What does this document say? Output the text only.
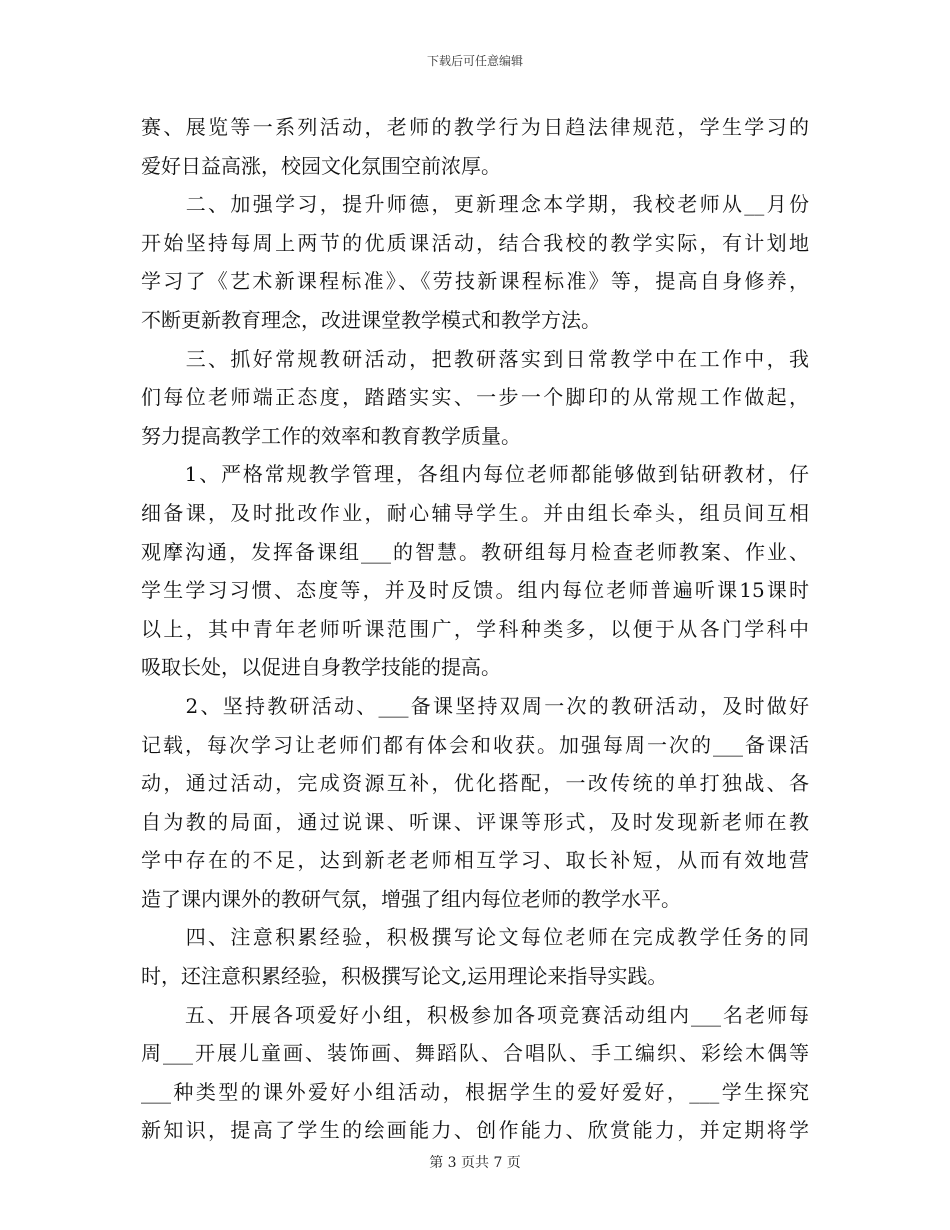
下载后可任意编辑
赛、展览等一系列活动，老师的教学行为日趋法律规范，学生学习的
爱好日益高涨，校园文化氛围空前浓厚。
　　二、加强学习，提升师德，更新理念本学期，我校老师从__月份
开始坚持每周上两节的优质课活动，结合我校的教学实际，有计划地
学习了《艺术新课程标准》、《劳技新课程标准》等，提高自身修养，
不断更新教育理念，改进课堂教学模式和教学方法。
　　三、抓好常规教研活动，把教研落实到日常教学中在工作中，我
们每位老师端正态度，踏踏实实、一步一个脚印的从常规工作做起，
努力提高教学工作的效率和教育教学质量。
　　1、严格常规教学管理，各组内每位老师都能够做到钻研教材，仔
细备课，及时批改作业，耐心辅导学生。并由组长牵头，组员间互相
观摩沟通，发挥备课组___的智慧。教研组每月检查老师教案、作业、
学生学习习惯、态度等，并及时反馈。组内每位老师普遍听课15课时
以上，其中青年老师听课范围广，学科种类多，以便于从各门学科中
吸取长处，以促进自身教学技能的提高。
　　2、坚持教研活动、___备课坚持双周一次的教研活动，及时做好
记载，每次学习让老师们都有体会和收获。加强每周一次的___备课活
动，通过活动，完成资源互补，优化搭配，一改传统的单打独战、各
自为教的局面，通过说课、听课、评课等形式，及时发现新老师在教
学中存在的不足，达到新老老师相互学习、取长补短，从而有效地营
造了课内课外的教研气氛，增强了组内每位老师的教学水平。
　　四、注意积累经验，积极撰写论文每位老师在完成教学任务的同
时，还注意积累经验，积极撰写论文,运用理论来指导实践。
　　五、开展各项爱好小组，积极参加各项竞赛活动组内___名老师每
周___开展儿童画、装饰画、舞蹈队、合唱队、手工编织、彩绘木偶等
___种类型的课外爱好小组活动，根据学生的爱好爱好，___学生探究
新知识，提高了学生的绘画能力、创作能力、欣赏能力，并定期将学
第 3 页共 7 页
